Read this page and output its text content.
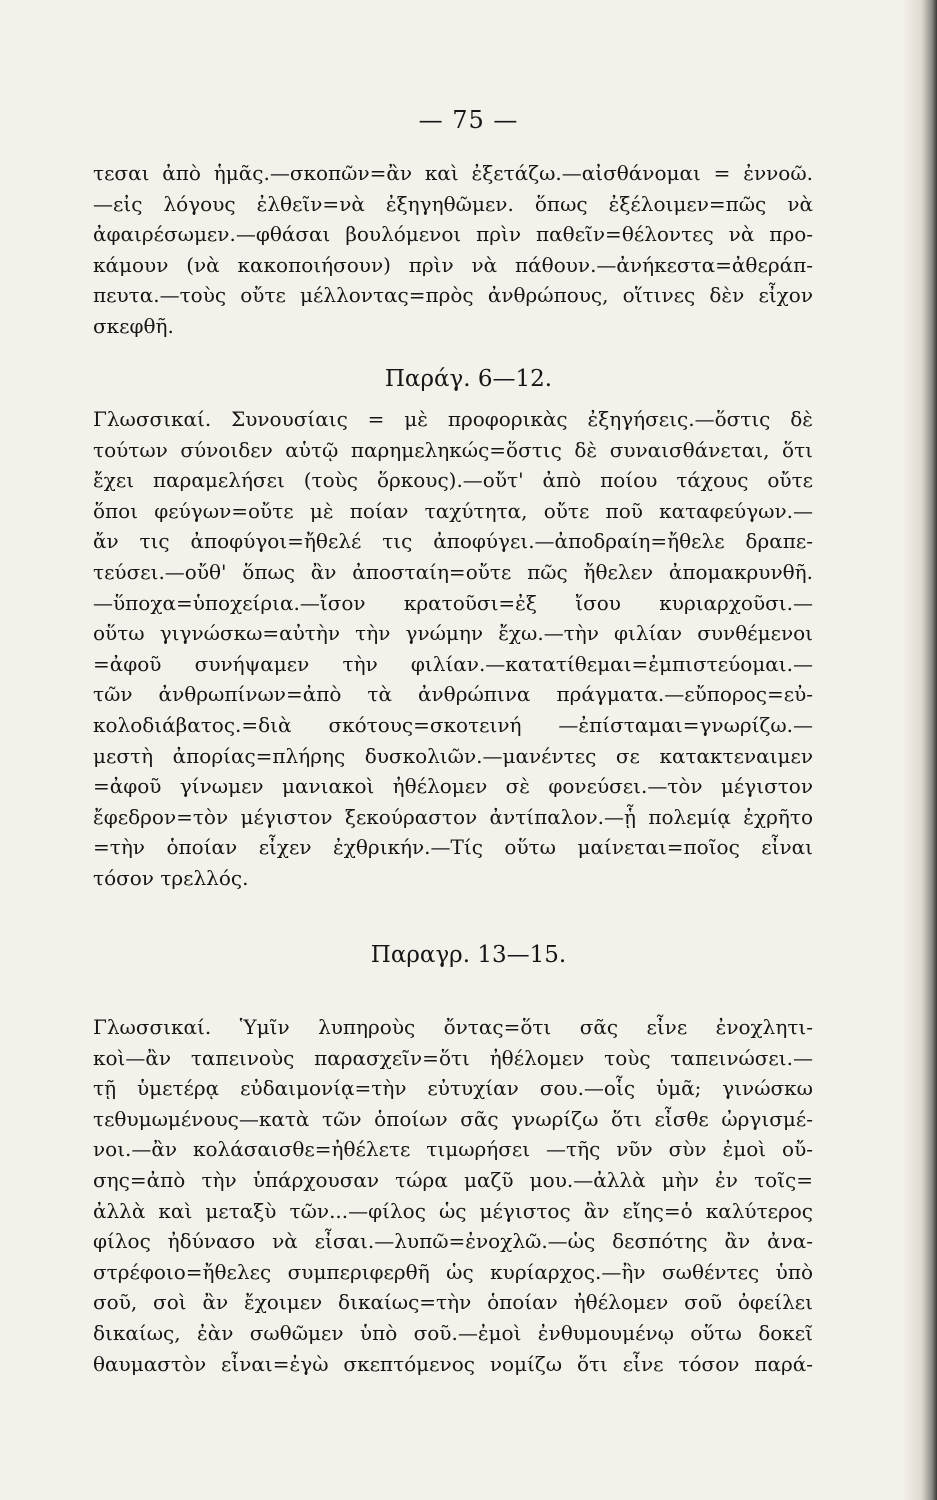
— 75 —
τεσαι ἀπὸ ἡμᾶς.—σκοπῶν=ἂν καὶ ἐξετάζω.—αἰσθάνομαι = ἐννοῶ.
—εἰς λόγους ἐλθεῖν=νὰ ἐξηγηθῶμεν. ὅπως ἐξέλοιμεν=πῶς νὰ
ἀφαιρέσωμεν.—φθάσαι βουλόμενοι πρὶν παθεῖν=θέλοντες νὰ προ-
κάμουν (νὰ κακοποιήσουν) πρὶν νὰ πάθουν.—ἀνήκεστα=ἀθεράπ-
πευτα.—τοὺς οὔτε μέλλοντας=πρὸς ἀνθρώπους, οἵτινες δὲν εἶχον
σκεφθῆ.
Παράγ. 6—12.
Γλωσσικαί. Συνουσίαις = μὲ προφορικὰς ἐξηγήσεις.—ὅστις δὲ
τούτων σύνοιδεν αὑτῷ παρημεληκώς=ὅστις δὲ συναισθάνεται, ὅτι
ἔχει παραμελήσει (τοὺς ὅρκους).—οὔτ' ἀπὸ ποίου τάχους οὔτε
ὅποι φεύγων=οὔτε μὲ ποίαν ταχύτητα, οὔτε ποῦ καταφεύγων.—
ἄν τις ἀποφύγοι=ἤθελέ τις ἀποφύγει.—ἀποδραίη=ἤθελε δραπε-
τεύσει.—οὔθ' ὅπως ἂν ἀποσταίη=οὔτε πῶς ἤθελεν ἀπομακρυνθῆ.
—ὕποχα=ὑποχείρια.—ἴσον κρατοῦσι=ἐξ ἴσου κυριαρχοῦσι.—
οὕτω γιγνώσκω=αὐτὴν τὴν γνώμην ἔχω.—τὴν φιλίαν συνθέμενοι
=ἀφοῦ συνήψαμεν τὴν φιλίαν.—κατατίθεμαι=ἐμπιστεύομαι.—
τῶν ἀνθρωπίνων=ἀπὸ τὰ ἀνθρώπινα πράγματα.—εὔπορος=εὐ-
κολοδιάβατος.=διὰ σκότους=σκοτεινή —ἐπίσταμαι=γνωρίζω.—
μεστὴ ἀπορίας=πλήρης δυσκολιῶν.—μανέντες σε κατακτεναιμεν
=ἀφοῦ γίνωμεν μανιακοὶ ἠθέλομεν σὲ φονεύσει.—τὸν μέγιστον
ἔφεδρον=τὸν μέγιστον ξεκούραστον ἀντίπαλον.—ᾗ πολεμίᾳ ἐχρῆτο
=τὴν ὁποίαν εἶχεν ἐχθρικήν.—Τίς οὕτω μαίνεται=ποῖος εἶναι
τόσον τρελλός.
Παραγρ. 13—15.
Γλωσσικαί. Ὑμῖν λυπηροὺς ὄντας=ὅτι σᾶς εἶνε ἐνοχλητι-
κοὶ—ἂν ταπεινοὺς παρασχεῖν=ὅτι ἠθέλομεν τοὺς ταπεινώσει.—
τῇ ὑμετέρᾳ εὐδαιμονίᾳ=τὴν εὐτυχίαν σου.—οἷς ὑμᾶ; γινώσκω
τεθυμωμένους—κατὰ τῶν ὁποίων σᾶς γνωρίζω ὅτι εἶσθε ὠργισμέ-
νοι.—ἂν κολάσαισθε=ἠθέλετε τιμωρήσει —τῆς νῦν σὺν ἐμοὶ οὔ-
σης=ἀπὸ τὴν ὑπάρχουσαν τώρα μαζῦ μου.—ἀλλὰ μὴν ἐν τοῖς=
ἀλλὰ καὶ μεταξὺ τῶν...—φίλος ὡς μέγιστος ἂν εἴης=ὁ καλύτερος
φίλος ἠδύνασο νὰ εἶσαι.—λυπῶ=ἐνοχλῶ.—ὡς δεσπότης ἂν ἀνα-
στρέφοιο=ἤθελες συμπεριφερθῆ ὡς κυρίαρχος.—ἢν σωθέντες ὑπὸ
σοῦ, σοὶ ἂν ἔχοιμεν δικαίως=τὴν ὁποίαν ἠθέλομεν σοῦ ὀφείλει
δικαίως, ἐὰν σωθῶμεν ὑπὸ σοῦ.—ἐμοὶ ἐνθυμουμένῳ οὕτω δοκεῖ
θαυμαστὸν εἶναι=ἐγὼ σκεπτόμενος νομίζω ὅτι εἶνε τόσον παρά-
